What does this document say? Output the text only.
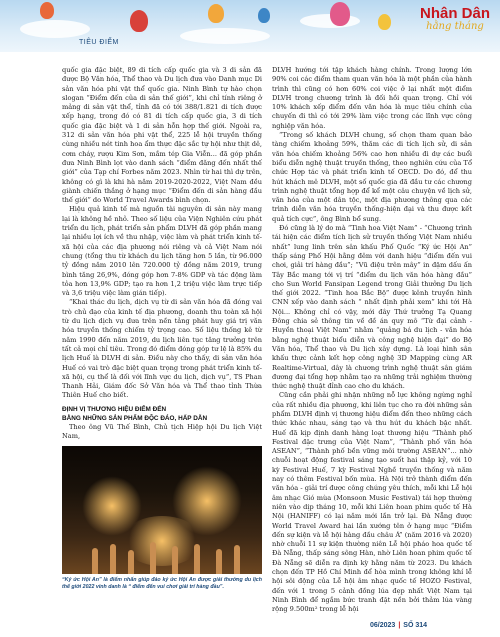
TIÊU ĐIỂM
Nhân Dân
hằng tháng

quốc gia đặc biệt, 89 di tích cấp quốc gia và 3 di sản đã được Bộ Văn hóa, Thể thao và Du lịch đưa vào Danh mục Di sản văn hóa phi vật thể quốc gia. Ninh Bình tự hào chọn slogan “Điểm đến của di sản thế giới”, khi chỉ tính riêng ở mảng di sản vật thể, tỉnh đã có tới 388/1.821 di tích được xếp hạng, trong đó có 81 di tích cấp quốc gia, 3 di tích quốc gia đặc biệt và 1 di sản hỗn hợp thế giới. Ngoài ra, 312 di sản văn hóa phi vật thể, 225 lễ hội truyền thống cùng nhiều nét tinh hoa ẩm thực đặc sắc tự hội như thịt dê, cơm cháy, rượu Kim Sơn, mắm tép Gia Viễn... đã góp phần đưa Ninh Bình lọt vào danh sách “điểm đăng đến nhất thế giới” của Tạp chí Forbes năm 2023. Nhìn từ hai thì dự trên, không có gì là khi hà năm 2019-2020-2022, Việt Nam đều giành chiến thắng ở hạng mục “Điểm đến di sản hàng đầu thế giới” do World Travel Awards bình chọn.

Hiệu quả kinh tế mà nguồn tài nguyên di sản này mang lại là không hề nhỏ. Theo số liệu của Viện Nghiên cứu phát triển du lịch, phát triển sản phẩm DLVH đã góp phần mang lại nhiều lợi ích về thu nhập, việc làm và phát triển kinh tế-xã hội của các địa phương nói riêng và cả Việt Nam nói chung (tổng thu từ khách du lịch tăng hơn 5 lần, từ 96.000 tỷ đồng năm 2010 lên 720.000 tỷ đồng năm 2019, trung bình tăng 26,9%, đóng góp hơn 7-8% GDP và tác động làm tỏa hơn 13,9% GDP; tạo ra hơn 1,2 triệu việc làm trực tiếp và 3,6 triệu việc làm gián tiếp).

“Khai thác du lịch, dịch vụ từ di sản văn hóa đã đóng vai trò chủ đạo của kinh tế địa phương, doanh thu toàn xã hội từ du lịch dịch vụ đưa trên nền tảng phát huy giá trị văn hóa truyền thống chiếm tỷ trọng cao. Số liệu thống kê từ năm 1990 đến năm 2019, du lịch liên tục tăng trưởng trên tất cả mọi chỉ tiêu. Trong đó điểm đóng góp tư lệ là 85% du lịch Huế là DLVH di sản. Điều này cho thấy, di sản văn hóa Huế có vai trò đặc biệt quan trọng trong phát triển kinh tế-xã hội, cụ thể là đối với lĩnh vực du lịch, dịch vụ”, TS Phan Thanh Hải, Giám đốc Sở Văn hóa và Thể thao tỉnh Thừa Thiên Huế cho biết.

ĐỊNH VỊ THƯƠNG HIỆU ĐIỂM ĐẾN
BẰNG NHỮNG SẢN PHẨM ĐỘC ĐÁO, HẤP DẪN

Theo ông Vũ Thế Bình, Chủ tịch Hiệp hội Du lịch Việt Nam,

“Ký ức Hội An” là điểm nhấn giúp đảo ký ức Hội An được giải thưởng du lịch thế giới 2022 vinh danh là “ điểm đến vui chơi giải trí hàng đầu”.

DLVH hướng tới tập khách hàng chính. Trong lượng lớn 90% coi các điểm tham quan văn hóa là một phần của hành trình thì cũng có hơn 60% coi việc ở lại nhất một điểm DLVH trong chương trình là đối hồi quan trọng. Chỉ với 10% khách xếp điểm đến văn hóa là mục tiêu chính của chuyến đi thì có tới 29% làm việc trong các lĩnh vực công nghiệp văn hóa.

“Trong số khách DLVH chung, số chọn tham quan bảo tàng chiếm khoảng 59%, thăm các di tích lịch sử, di sản văn hóa chiếm khoảng 56% cao hơn nhiều đi dự các buổi biểu diễn nghệ thuật truyền thống, theo nghiên cứu của Tổ chức Hợp tác và phát triển kinh tế OECD. Do đó, để thu hút khách mê DLVH, một số quốc gia đã đầu tư các chương trình nghệ thuật tổng hợp để kể một câu chuyện về lịch sử, văn hóa của một dân tộc, một địa phương thông qua các trình diễn văn hóa truyền thống-hiện đại và thu được kết quả tích cực”, ông Bình bổ sung.

Đó cũng là lý do mà “Tinh hoa Việt Nam” - “Chương trình tái hiện các điểm tích lịch sử truyền thống Việt Nam nhiều nhất” lung linh trên sân khấu Phố Quốc “Ký ức Hội An” thấp sáng Phố Hội hằng đêm với danh hiệu “điểm đến vui chơi, giải trí hàng đầu”; “Vũ điệu trên mây” in đậm dấu ấn Tây Bắc mang tới vị trí “điểm du lịch văn hóa hàng đầu” cho Sun World Fansipan Legend trong Giải thưởng Du lịch thế giới 2022. “Tinh hoa Bắc Bộ” được kênh truyền hình CNN xếp vào danh sách “ nhất định phải xem” khi tới Hà Nội... Không chỉ có vậy, mới đây Thứ trưởng Tạ Quang Đông chia sẻ thông tin về đề án quy mô “Từ đại cảnh - Huyền thoại Việt Nam” nhằm “quảng bá du lịch - văn hóa bằng nghệ thuật biểu diễn và công nghệ hiện đại” do Bộ Văn hóa, Thể thao và Du lịch xây dựng. Là loại hình sân khấu thực cảnh kết hợp công nghệ 3D Mapping cùng AR Realtime-Virtual, dây là chương trình nghệ thuật sân giám đương đại tổng hợp nhằm tạo ra những trải nghiệm thường thức nghệ thuật đỉnh cao cho du khách.

Cũng cần phải ghi nhận những nỗ lực không ngừng nghỉ của rất nhiều địa phương, khi liên tục cho ra đời những sản phẩm DLVH định vị thương hiệu điểm đến theo những cách thức khác nhau, sáng tạo và thu hút du khách bậc nhất. Huế đã kịp định danh hàng loạt thương hiệu “Thành phố Festival đặc trưng của Việt Nam”, “Thành phố văn hóa ASEAN”, “Thành phố bền vững môi trường ASEAN”... nhờ chuỗi hoạt động festival sáng tạo suốt hai thập kỷ, với 10 kỳ Festival Huế, 7 kỳ Festival Nghề truyền thống và năm nay có thêm Festival bốn mùa. Hà Nội trở thành điểm đến văn hóa - giải trí được công chúng yêu thích, mỗi khi Lễ hội âm nhạc Gió mùa (Monsoon Music Festival) tái hợp thường niên vào dịp tháng 10, mỗi khi Liên hoan phim quốc tế Hà Nội (HANIFF) có lại năm mới lần trở lại. Đà Nẵng được World Travel Award hai lần xướng tên ở hạng mục “Điểm đến sự kiện và lễ hội hàng đầu châu Á” (năm 2016 và 2020) nhờ chuỗi 11 sự kiện thường niên Lễ hội pháo hoa quốc tế Đà Nẵng, thấp sáng sông Hàn, nhờ Liên hoan phim quốc tế Đà Nẵng sẽ diễn ra định kỳ hằng năm từ 2023. Du khách chọn đến TP Hồ Chí Minh để hòa mình trong không khí lễ hội sôi động của Lễ hội âm nhạc quốc tế HOZO Festival, đến với 1 trong 5 cảnh đồng lúa đẹp nhất Việt Nam tại Ninh Bình để ngắm bức tranh đặt nền bởi thảm lúa vàng rộng 9.500m² trong lễ hội

06/2023 | SỐ 314
